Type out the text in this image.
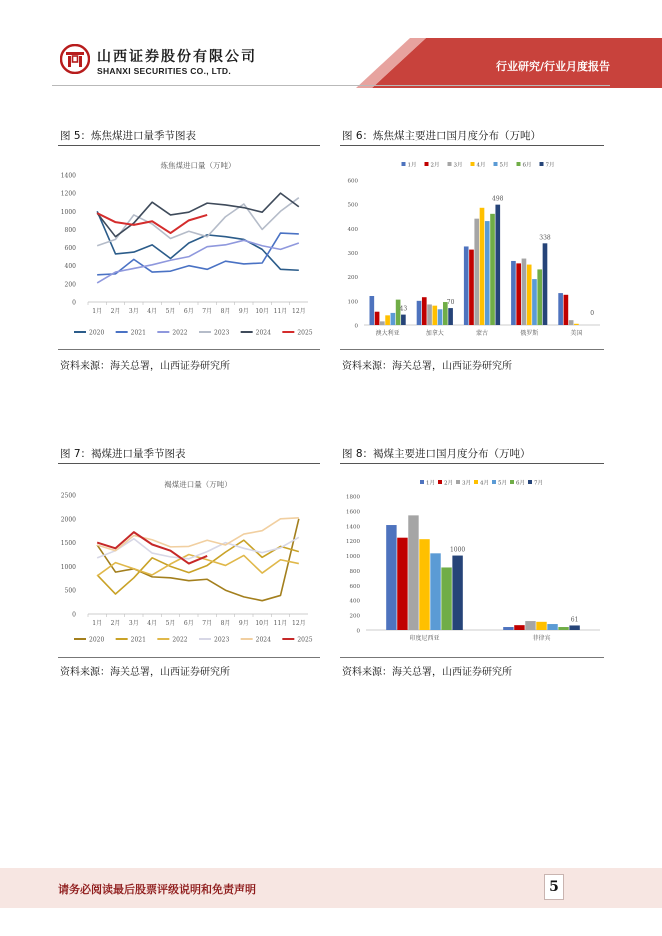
山西证券股份有限公司
SHANXI SECURITIES CO., LTD.	行业研究/行业月度报告
图 5：炼焦煤进口量季节图表
炼焦煤进口量（万吨）
0
200
400
600
800
1000
1200
1400
1月 2月 3月 4月 5月 6月 7月 8月 9月 10月 11月 12月
2020	2021	2022	2023	2024	2025
资料来源：海关总署，山西证券研究所
图 6：炼焦煤主要进口国月度分布（万吨）
1月	2月	3月	4月	5月	6月	7月
0
100
200
300
400
500
600
澳大利亚	加拿大	蒙古	俄罗斯	美国
43
70
498
338
0
资料来源：海关总署，山西证券研究所
图 7：褐煤进口量季节图表
褐煤进口量（万吨）
0
500
1000
1500
2000
2500
1月 2月 3月 4月 5月 6月 7月 8月 9月 10月 11月 12月
2020	2021	2022	2023	2024	2025
资料来源：海关总署，山西证券研究所
图 8：褐煤主要进口国月度分布（万吨）
1月 2月 3月 4月 5月 6月 7月
0
200
400
600
800
1000
1200
1400
1600
1800
印度尼西亚	菲律宾
1000
61
资料来源：海关总署，山西证券研究所
请务必阅读最后股票评级说明和免责声明	5
